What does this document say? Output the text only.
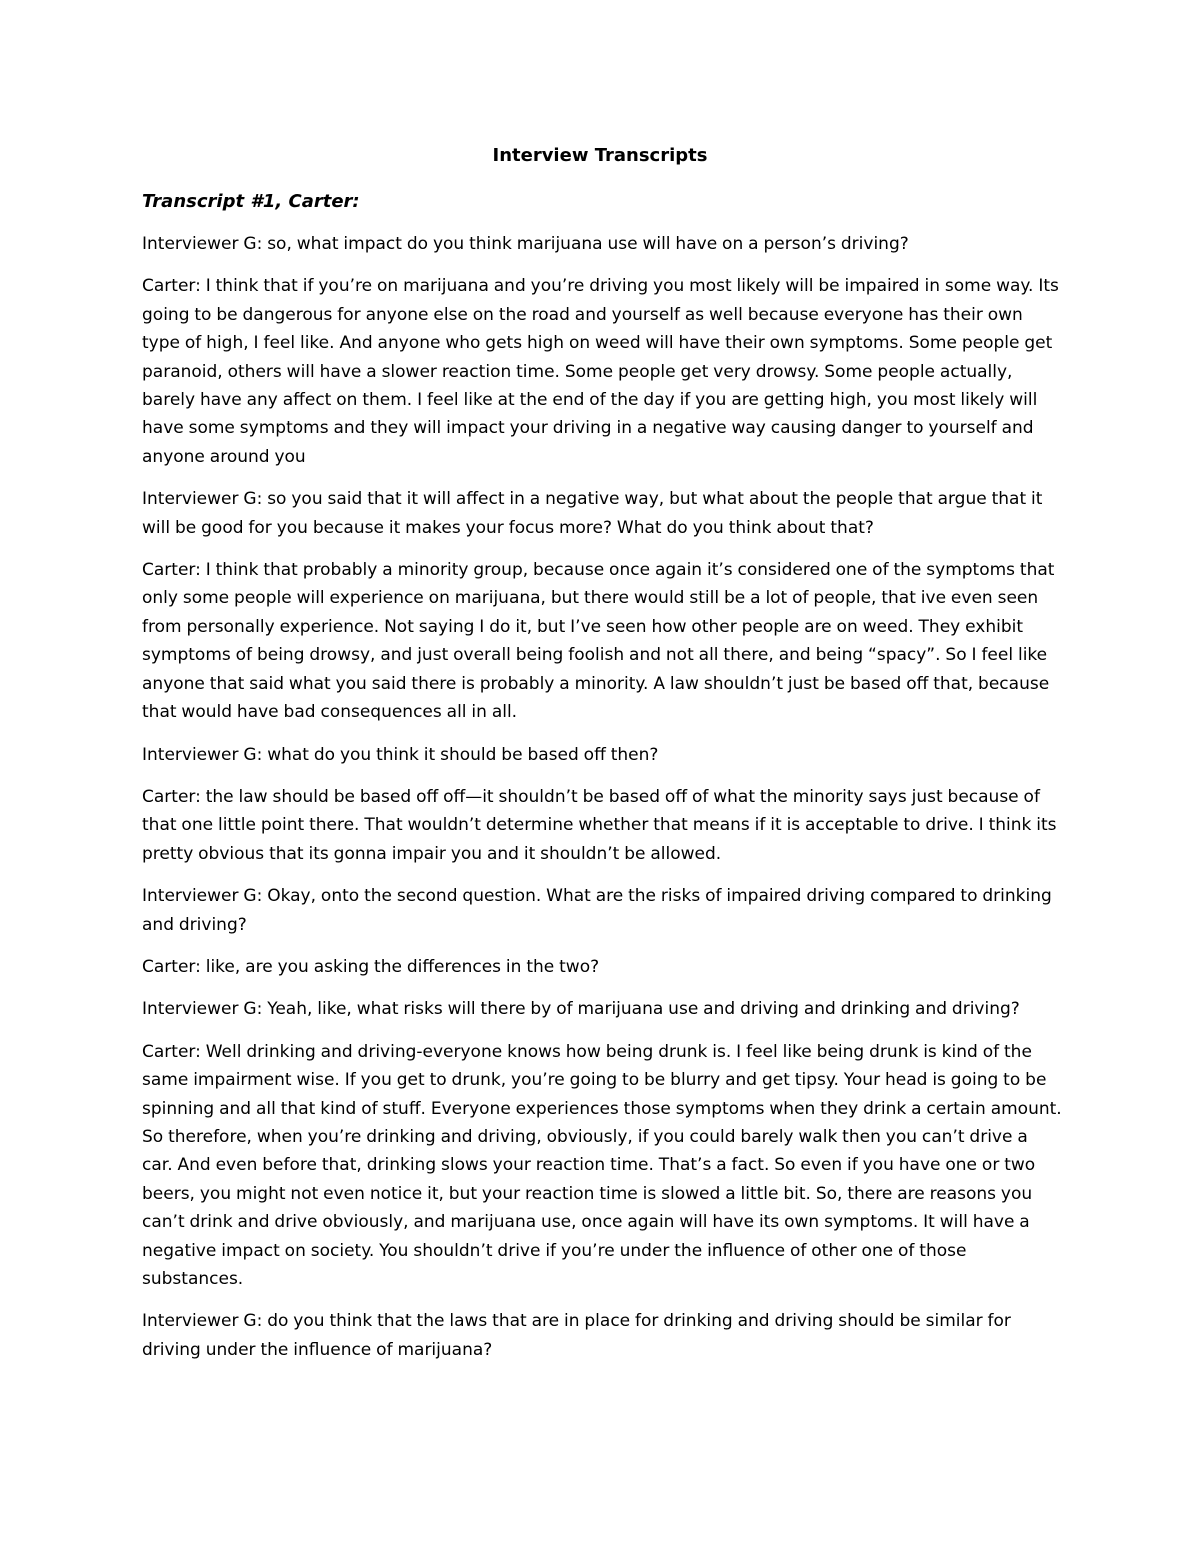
Interview Transcripts

Transcript #1, Carter:

Interviewer G: so, what impact do you think marijuana use will have on a person’s driving?

Carter: I think that if you’re on marijuana and you’re driving you most likely will be impaired in some way. Its going to be dangerous for anyone else on the road and yourself as well because everyone has their own type of high, I feel like. And anyone who gets high on weed will have their own symptoms. Some people get paranoid, others will have a slower reaction time. Some people get very drowsy. Some people actually, barely have any affect on them. I feel like at the end of the day if you are getting high, you most likely will have some symptoms and they will impact your driving in a negative way causing danger to yourself and anyone around you

Interviewer G: so you said that it will affect in a negative way, but what about the people that argue that it will be good for you because it makes your focus more? What do you think about that?

Carter: I think that probably a minority group, because once again it’s considered one of the symptoms that only some people will experience on marijuana, but there would still be a lot of people, that ive even seen from personally experience. Not saying I do it, but I’ve seen how other people are on weed. They exhibit symptoms of being drowsy, and just overall being foolish and not all there, and being “spacy”. So I feel like anyone that said what you said there is probably a minority. A law shouldn’t just be based off that, because that would have bad consequences all in all.

Interviewer G: what do you think it should be based off then?

Carter: the law should be based off off—it shouldn’t be based off of what the minority says just because of that one little point there. That wouldn’t determine whether that means if it is acceptable to drive. I think its pretty obvious that its gonna impair you and it shouldn’t be allowed.

Interviewer G: Okay, onto the second question. What are the risks of impaired driving compared to drinking and driving?

Carter: like, are you asking the differences in the two?

Interviewer G: Yeah, like, what risks will there by of marijuana use and driving and drinking and driving?

Carter: Well drinking and driving-everyone knows how being drunk is. I feel like being drunk is kind of the same impairment wise. If you get to drunk, you’re going to be blurry and get tipsy. Your head is going to be spinning and all that kind of stuff. Everyone experiences those symptoms when they drink a certain amount. So therefore, when you’re drinking and driving, obviously, if you could barely walk then you can’t drive a car. And even before that, drinking slows your reaction time. That’s a fact. So even if you have one or two beers, you might not even notice it, but your reaction time is slowed a little bit. So, there are reasons you can’t drink and drive obviously, and marijuana use, once again will have its own symptoms. It will have a negative impact on society. You shouldn’t drive if you’re under the influence of other one of those substances.

Interviewer G: do you think that the laws that are in place for drinking and driving should be similar for driving under the influence of marijuana?
